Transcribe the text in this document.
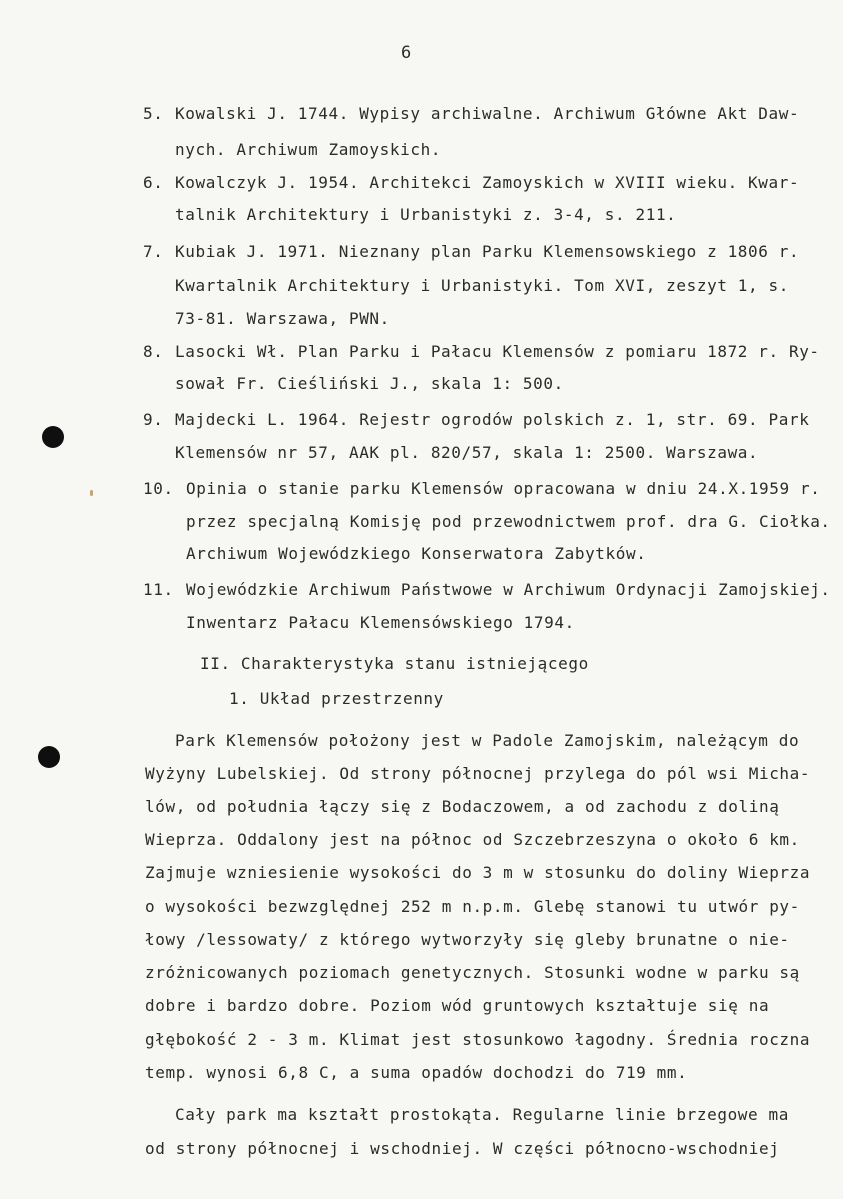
6
5. Kowalski J. 1744. Wypisy archiwalne. Archiwum Główne Akt Daw-
nych. Archiwum Zamoyskich.
6. Kowalczyk J. 1954. Architekci Zamoyskich w XVIII wieku. Kwar-
talnik Architektury i Urbanistyki z. 3-4, s. 211.
7. Kubiak J. 1971. Nieznany plan Parku Klemensowskiego z 1806 r.
Kwartalnik Architektury i Urbanistyki. Tom XVI, zeszyt 1, s.
73-81. Warszawa, PWN.
8. Lasocki Wł. Plan Parku i Pałacu Klemensów z pomiaru 1872 r. Ry-
sował Fr. Cieśliński J., skala 1: 500.
9. Majdecki L. 1964. Rejestr ogrodów polskich z. 1, str. 69. Park
Klemensów nr 57, AAK pl. 820/57, skala 1: 2500. Warszawa.
10. Opinia o stanie parku Klemensów opracowana w dniu 24.X.1959 r.
przez specjalną Komisję pod przewodnictwem prof. dra G. Ciołka.
Archiwum Wojewódzkiego Konserwatora Zabytków.
11. Wojewódzkie Archiwum Państwowe w Archiwum Ordynacji Zamojskiej.
Inwentarz Pałacu Klemensówskiego 1794.
II. Charakterystyka stanu istniejącego
1. Układ przestrzenny
Park Klemensów położony jest w Padole Zamojskim, należącym do
Wyżyny Lubelskiej. Od strony północnej przylega do pól wsi Micha-
lów, od południa łączy się z Bodaczowem, a od zachodu z doliną
Wieprza. Oddalony jest na północ od Szczebrzeszyna o około 6 km.
Zajmuje wzniesienie wysokości do 3 m w stosunku do doliny Wieprza
o wysokości bezwzględnej 252 m n.p.m. Glebę stanowi tu utwór py-
łowy /lessowaty/ z którego wytworzyły się gleby brunatne o nie-
zróżnicowanych poziomach genetycznych. Stosunki wodne w parku są
dobre i bardzo dobre. Poziom wód gruntowych kształtuje się na
głębokość 2 - 3 m. Klimat jest stosunkowo łagodny. Średnia roczna
temp. wynosi 6,8 C, a suma opadów dochodzi do 719 mm.
Cały park ma kształt prostokąta. Regularne linie brzegowe ma
od strony północnej i wschodniej. W części północno-wschodniej
